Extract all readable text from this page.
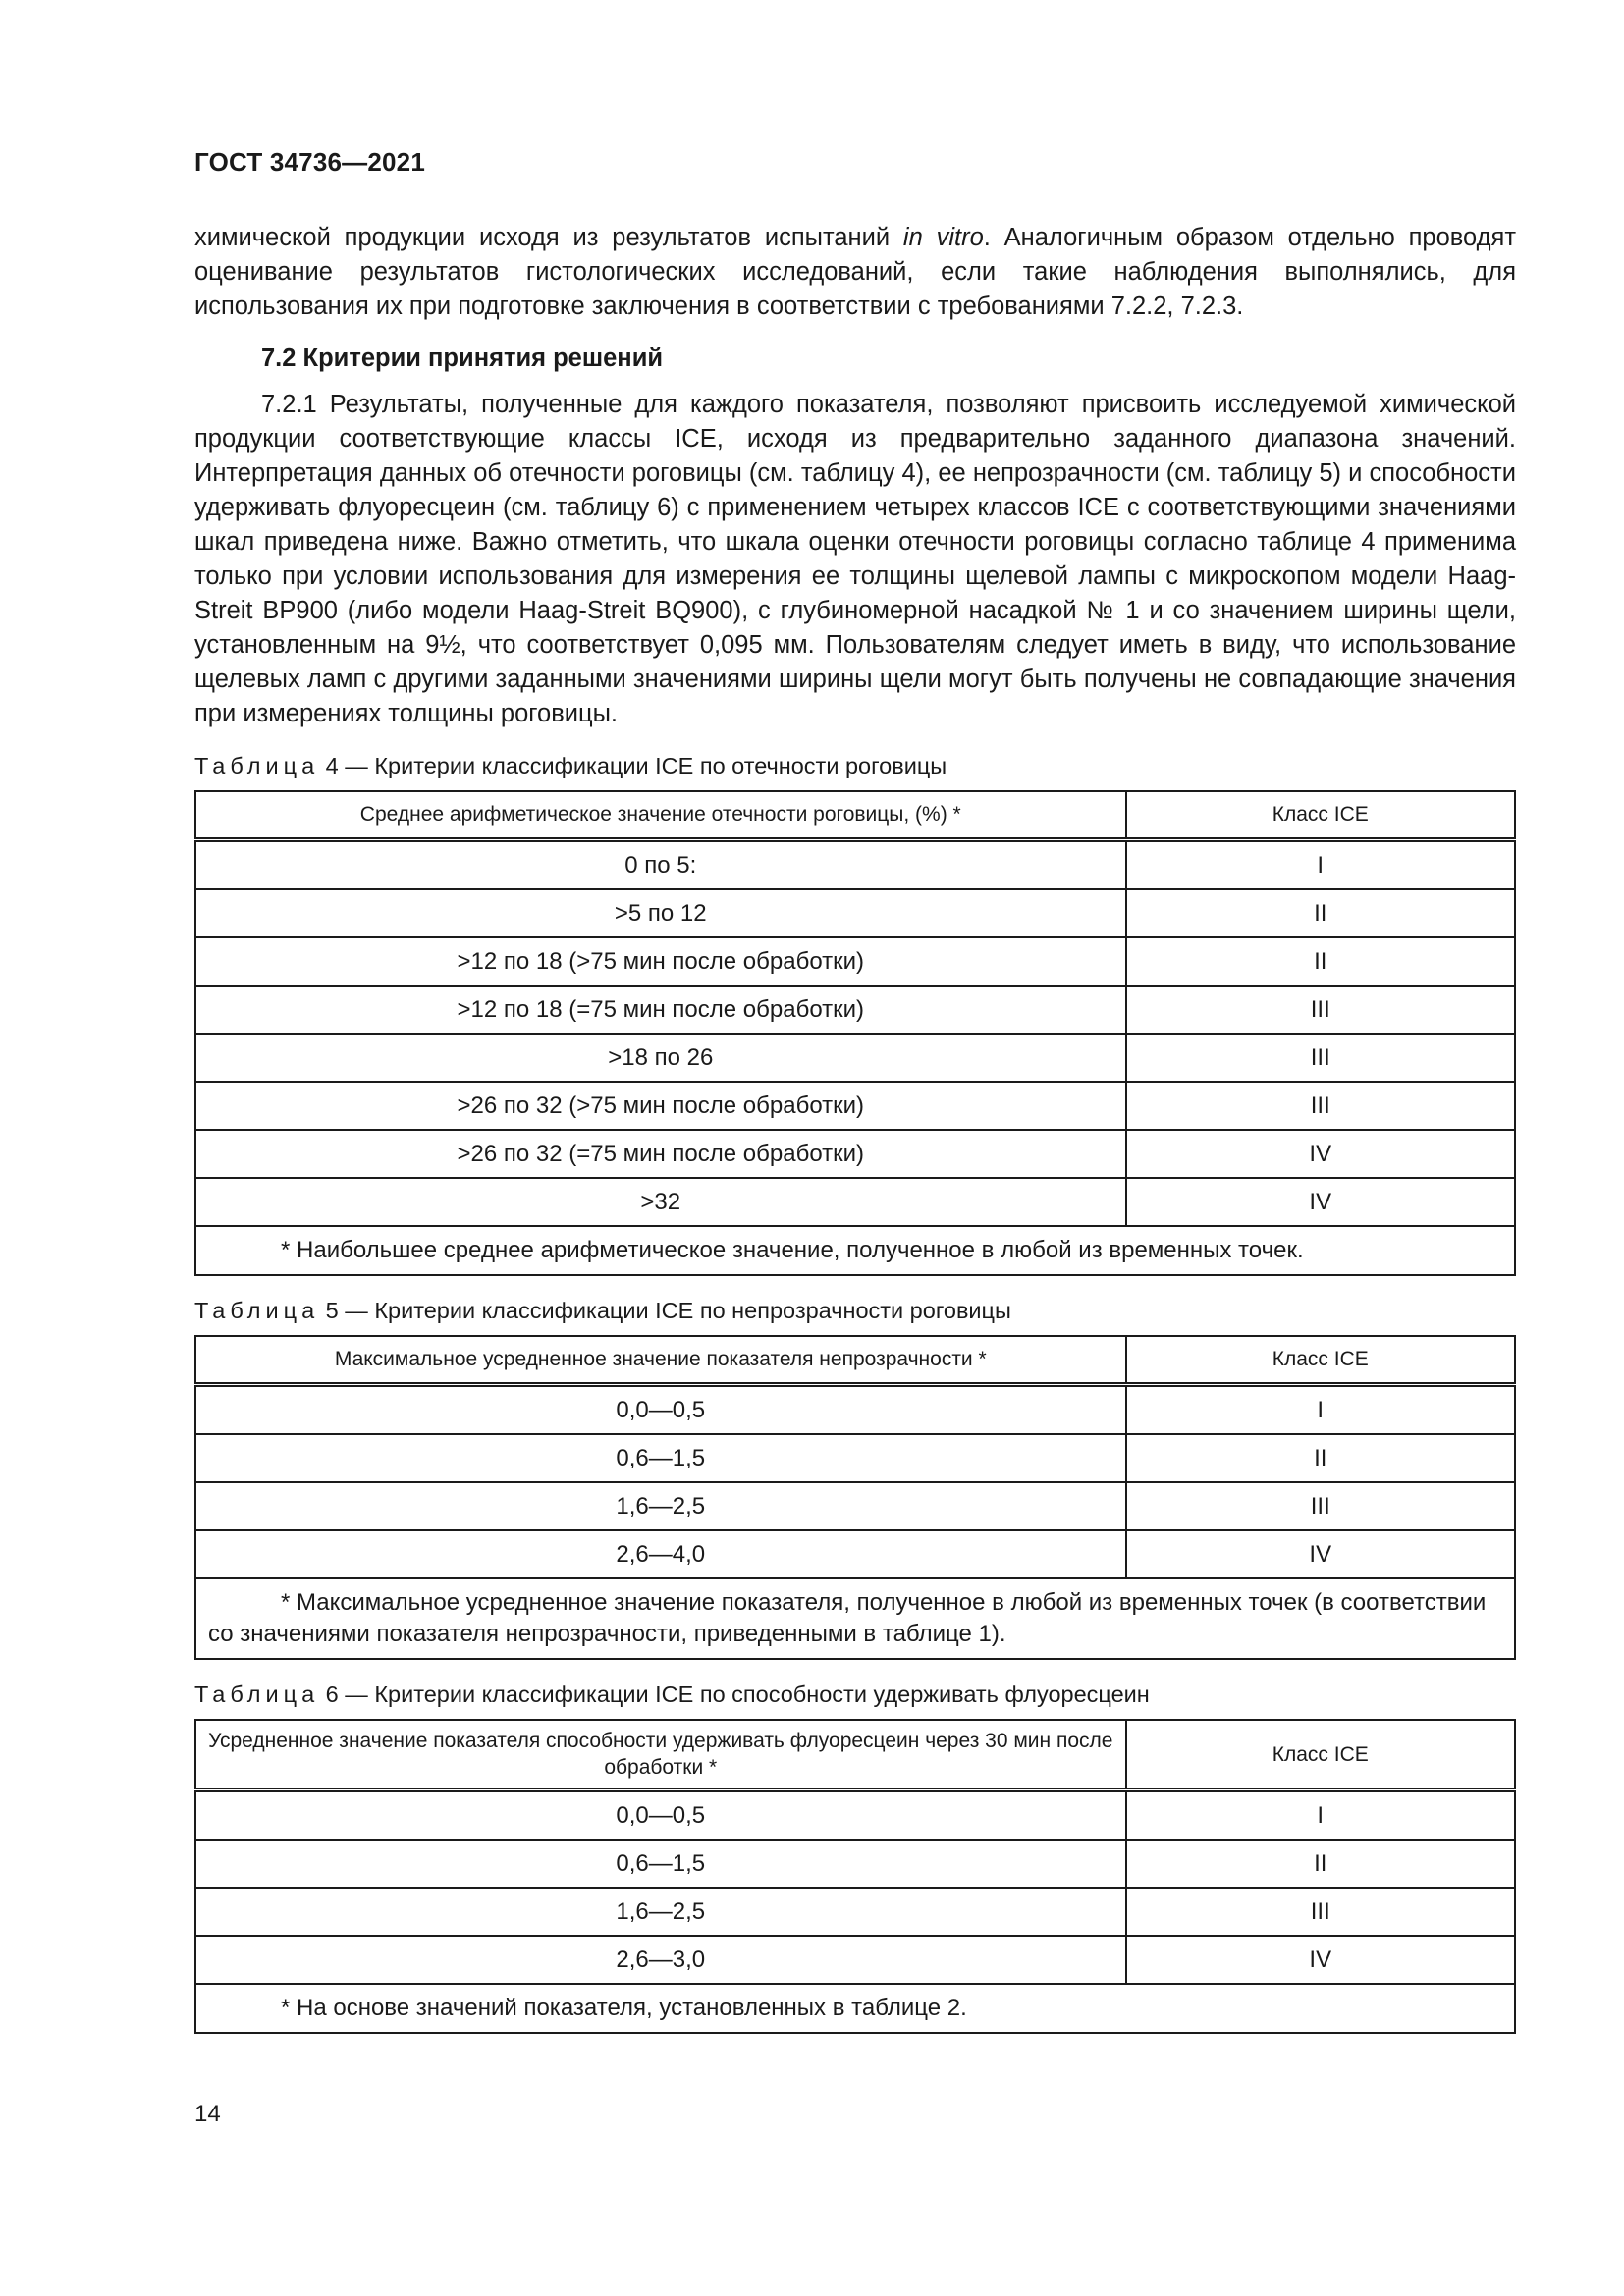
ГОСТ 34736—2021

химической продукции исходя из результатов испытаний in vitro. Аналогичным образом отдельно проводят оценивание результатов гистологических исследований, если такие наблюдения выполнялись, для использования их при подготовке заключения в соответствии с требованиями 7.2.2, 7.2.3.

7.2 Критерии принятия решений

7.2.1 Результаты, полученные для каждого показателя, позволяют присвоить исследуемой химической продукции соответствующие классы ICE, исходя из предварительно заданного диапазона значений. Интерпретация данных об отечности роговицы (см. таблицу 4), ее непрозрачности (см. таблицу 5) и способности удерживать флуоресцеин (см. таблицу 6) с применением четырех классов ICE с соответствующими значениями шкал приведена ниже. Важно отметить, что шкала оценки отечности роговицы согласно таблице 4 применима только при условии использования для измерения ее толщины щелевой лампы с микроскопом модели Haag-Streit BP900 (либо модели Haag-Streit BQ900), с глубиномерной насадкой № 1 и со значением ширины щели, установленным на 9½, что соответствует 0,095 мм. Пользователям следует иметь в виду, что использование щелевых ламп с другими заданными значениями ширины щели могут быть получены не совпадающие значения при измерениях толщины роговицы.

Таблица 4 — Критерии классификации ICE по отечности роговицы
Среднее арифметическое значение отечности роговицы, (%) *	Класс ICE
0 по 5:	I
>5 по 12	II
>12 по 18 (>75 мин после обработки)	II
>12 по 18 (=75 мин после обработки)	III
>18 по 26	III
>26 по 32 (>75 мин после обработки)	III
>26 по 32 (=75 мин после обработки)	IV
>32	IV
* Наибольшее среднее арифметическое значение, полученное в любой из временных точек.	
Таблица 5 — Критерии классификации ICE по непрозрачности роговицы
Максимальное усредненное значение показателя непрозрачности *	Класс ICE
0,0—0,5	I
0,6—1,5	II
1,6—2,5	III
2,6—4,0	IV
* Максимальное усредненное значение показателя, полученное в любой из временных точек (в соответствии со значениями показателя непрозрачности, приведенными в таблице 1).	
Таблица 6 — Критерии классификации ICE по способности удерживать флуоресцеин
Усредненное значение показателя способности удерживать флуоресцеин через 30 мин после обработки *	Класс ICE
0,0—0,5	I
0,6—1,5	II
1,6—2,5	III
2,6—3,0	IV
* На основе значений показателя, установленных в таблице 2.	
14
